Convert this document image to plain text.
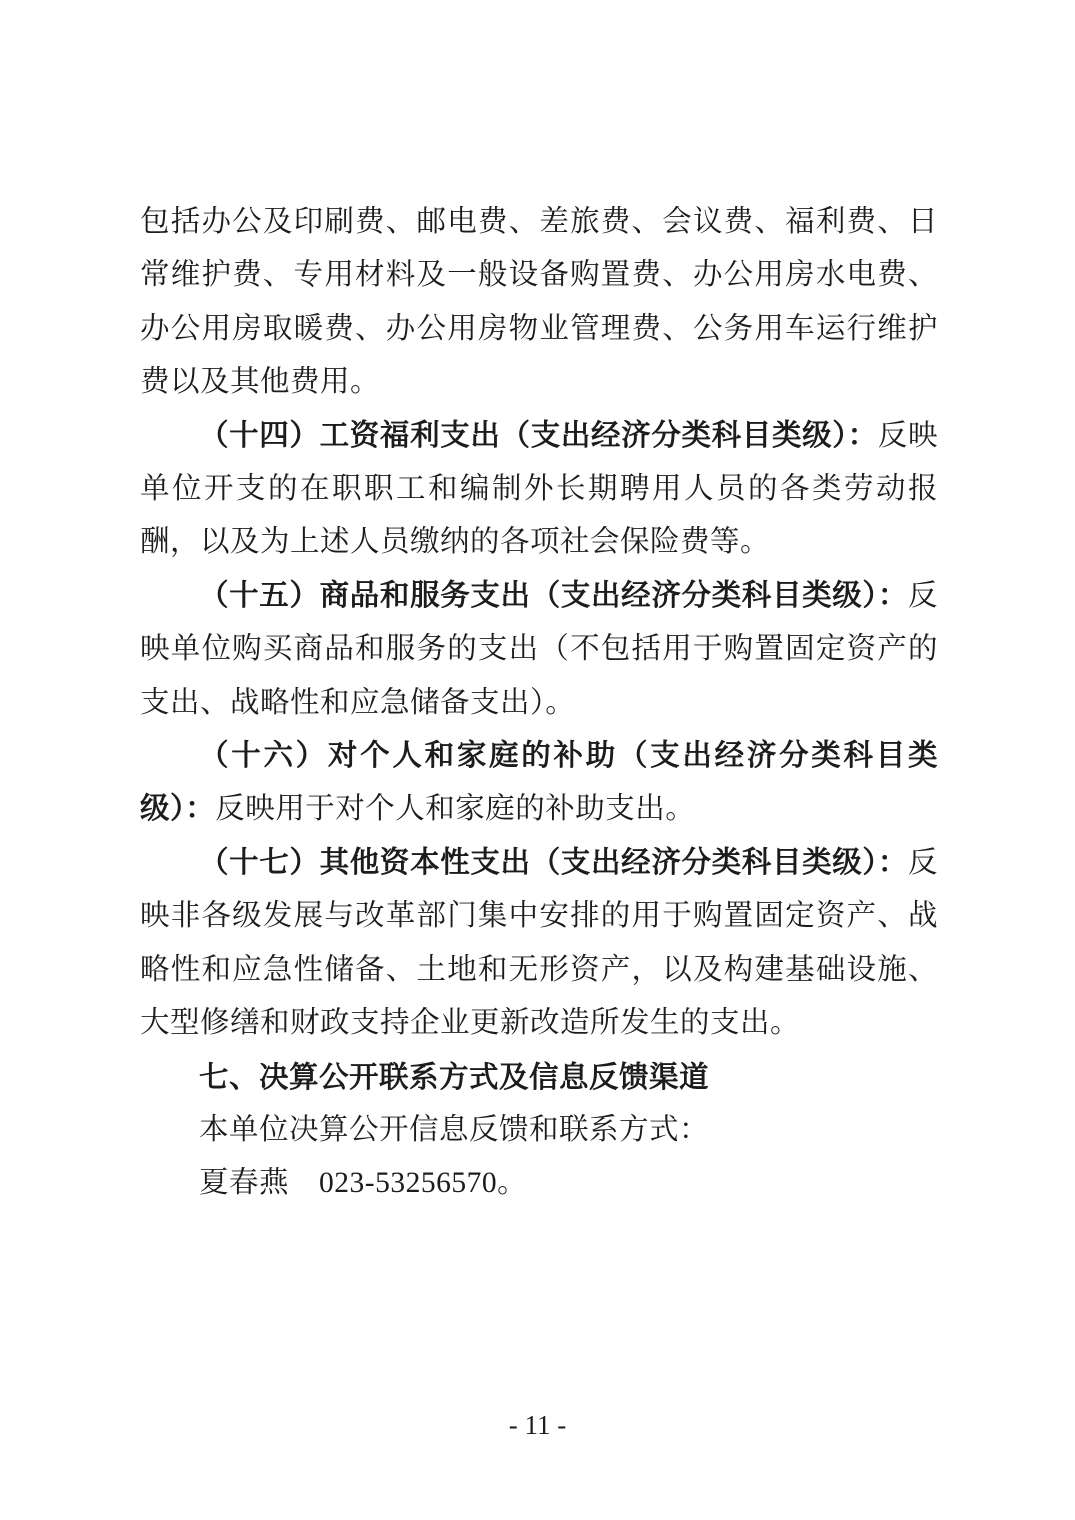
包括办公及印刷费、邮电费、差旅费、会议费、福利费、日常维护费、专用材料及一般设备购置费、办公用房水电费、办公用房取暖费、办公用房物业管理费、公务用车运行维护费以及其他费用。

（十四）工资福利支出（支出经济分类科目类级）：反映单位开支的在职职工和编制外长期聘用人员的各类劳动报酬，以及为上述人员缴纳的各项社会保险费等。

（十五）商品和服务支出（支出经济分类科目类级）：反映单位购买商品和服务的支出（不包括用于购置固定资产的支出、战略性和应急储备支出）。

（十六）对个人和家庭的补助（支出经济分类科目类级）：反映用于对个人和家庭的补助支出。

（十七）其他资本性支出（支出经济分类科目类级）：反映非各级发展与改革部门集中安排的用于购置固定资产、战略性和应急性储备、土地和无形资产，以及构建基础设施、大型修缮和财政支持企业更新改造所发生的支出。

七、决算公开联系方式及信息反馈渠道

本单位决算公开信息反馈和联系方式：

夏春燕　023-53256570。

- 11 -
